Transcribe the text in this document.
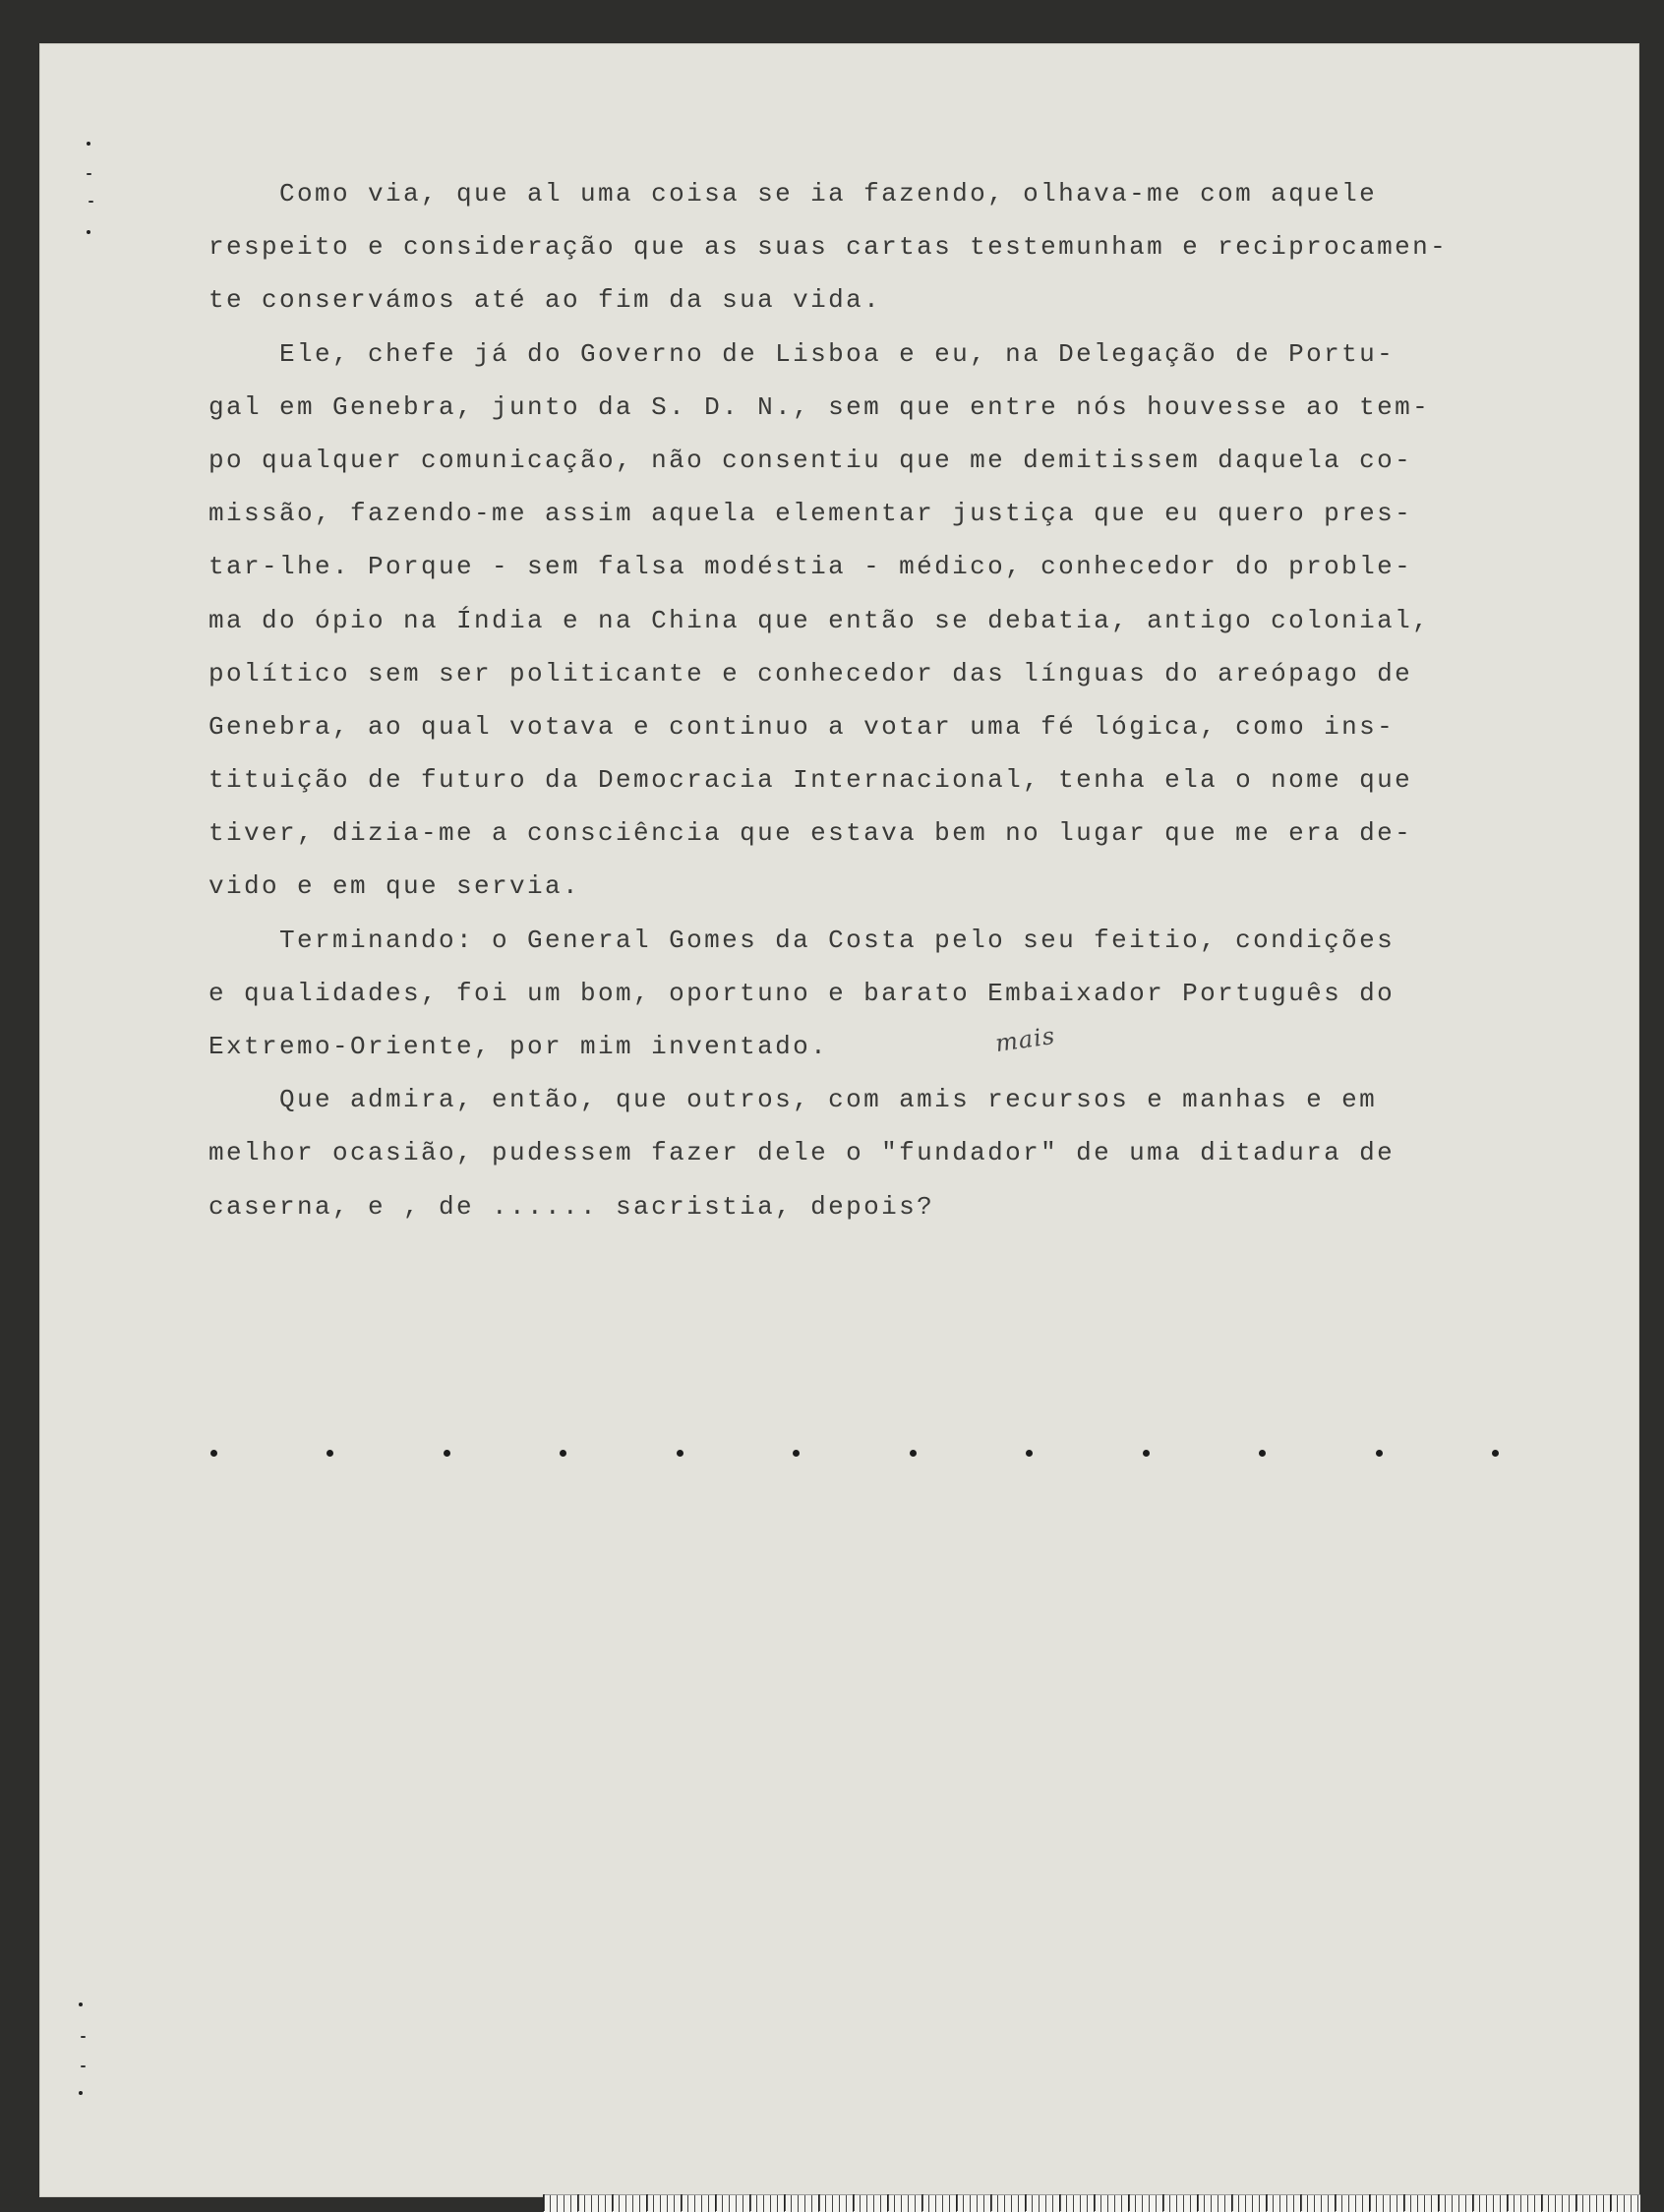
Como via, que al uma coisa se ia fazendo, olhava-me com aquele
respeito e consideração que as suas cartas testemunham e reciprocamen-
te conservámos até ao fim da sua vida.
Ele, chefe já do Governo de Lisboa e eu, na Delegação de Portu-
gal em Genebra, junto da S. D. N., sem que entre nós houvesse ao tem-
po qualquer comunicação, não consentiu que me demitissem daquela co-
missão, fazendo-me assim aquela elementar justiça que eu quero pres-
tar-lhe. Porque - sem falsa modéstia - médico, conhecedor do proble-
ma do ópio na Índia e na China que então se debatia, antigo colonial,
político sem ser politicante e conhecedor das línguas do areópago de
Genebra, ao qual votava e continuo a votar uma fé lógica, como ins-
tituição de futuro da Democracia Internacional, tenha ela o nome que
tiver, dizia-me a consciência que estava bem no lugar que me era de-
vido e em que servia.
Terminando: o General Gomes da Costa pelo seu feitio, condições
e qualidades, foi um bom, oportuno e barato Embaixador Português do
Extremo-Oriente, por mim inventado.
Que admira, então, que outros, com amis recursos e manhas e em
melhor ocasião, pudessem fazer dele o "fundador" de uma ditadura de
caserna, e , de ...... sacristia, depois?
mais
